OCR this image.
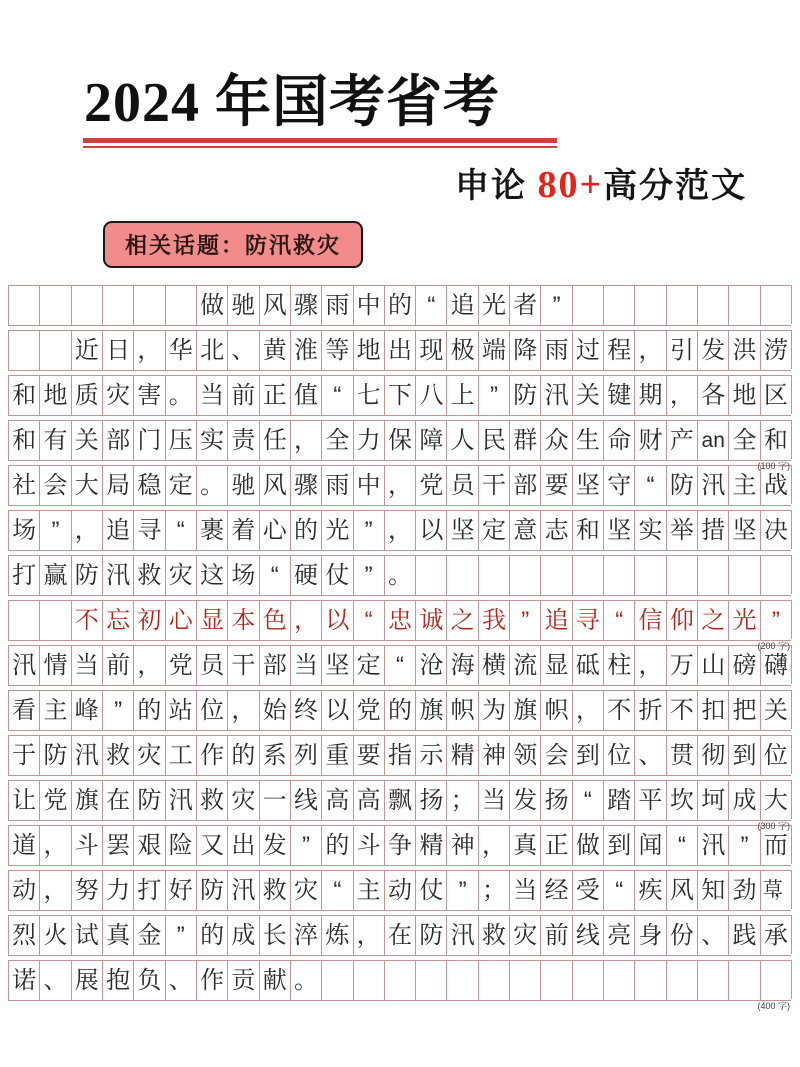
2024 年国考省考
申论 80+高分范文
相关话题：防汛救灾
做 驰 风 骤 雨 中 的 “ 追 光 者 ”
近 日 ， 华 北 、 黄 淮 等 地 出 现 极 端 降 雨 过 程 ， 引 发 洪 涝
和 地 质 灾 害 。 当 前 正 值 “ 七 下 八 上 ” 防 汛 关 键 期 ， 各 地 区
和 有 关 部 门 压 实 责 任 ， 全 力 保 障 人 民 群 众 生 命 财 产 an 全 和
(100 字)
社 会 大 局 稳 定 。 驰 风 骤 雨 中 ， 党 员 干 部 要 坚 守 “ 防 汛 主 战
场 ” ， 追 寻 “ 裹 着 心 的 光 ” ， 以 坚 定 意 志 和 坚 实 举 措 坚 决
打 赢 防 汛 救 灾 这 场 “ 硬 仗 ” 。
不 忘 初 心 显 本 色 ， 以 “ 忠 诚 之 我 ” 追 寻 “ 信 仰 之 光 ”
(200 字)
汛 情 当 前 ， 党 员 干 部 当 坚 定 “ 沧 海 横 流 显 砥 柱 ， 万 山 磅 礴
看 主 峰 ” 的 站 位 ， 始 终 以 党 的 旗 帜 为 旗 帜 ， 不 折 不 扣 把 关
于 防 汛 救 灾 工 作 的 系 列 重 要 指 示 精 神 领 会 到 位 、 贯 彻 到 位
让 党 旗 在 防 汛 救 灾 一 线 高 高 飘 扬 ； 当 发 扬 “ 踏 平 坎 坷 成 大
(300 字)
道 ， 斗 罢 艰 险 又 出 发 ” 的 斗 争 精 神 ， 真 正 做 到 闻 “ 汛 ” 而
动 ， 努 力 打 好 防 汛 救 灾 “ 主 动 仗 ” ； 当 经 受 “ 疾 风 知 劲 草，
烈 火 试 真 金 ” 的 成 长 淬 炼 ， 在 防 汛 救 灾 前 线 亮 身 份 、 践 承
诺 、 展 抱 负 、 作 贡 献 。
(400 字)
